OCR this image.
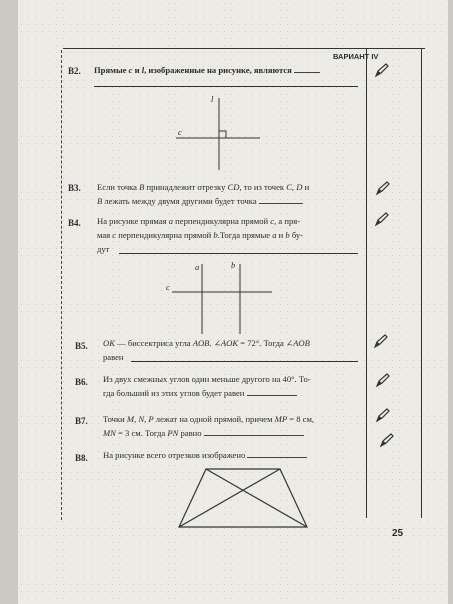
ВАРИАНТ IV
В2. Прямые c и l, изображенные на рисунке, являются
l
c
В3. Если точка B принадлежит отрезку CD, то из точек C, D и
B лежать между двумя другими будет точка
В4. На рисунке прямая a перпендикулярна прямой c, а пря-
мая c перпендикулярна прямой b.Тогда прямые a и b бу-
дут
a	b
c
В5. OK — биссектриса угла AOB. ∠AOK = 72°. Тогда ∠AOB
равен
В6. Из двух смежных углов один меньше другого на 40°. То-
гда больший из этих углов будет равен
В7. Точки M, N, P лежат на одной прямой, причем MP = 8 см,
MN = 3 см. Тогда PN равно
В8. На рисунке всего отрезков изображено
25
